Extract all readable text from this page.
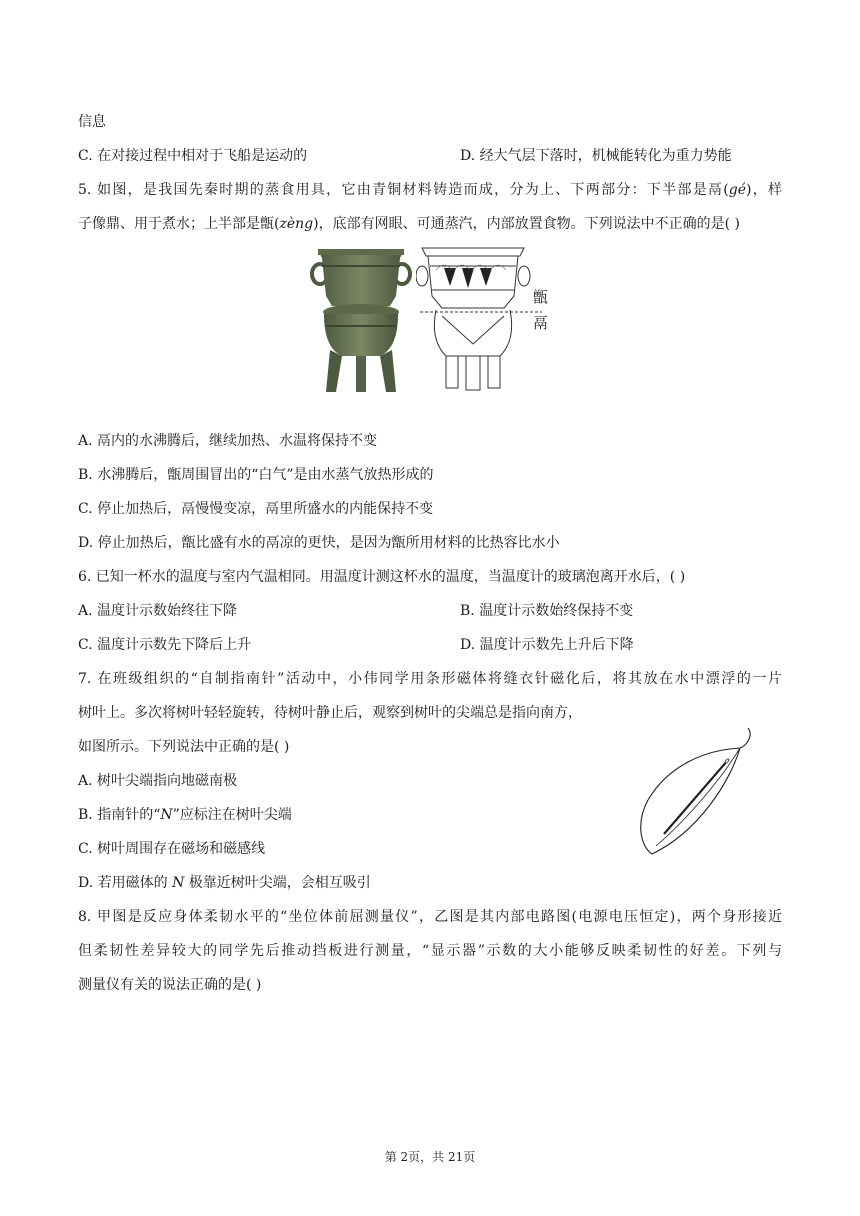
信息
C. 在对接过程中相对于飞船是运动的	D. 经大气层下落时，机械能转化为重力势能
5. 如图，是我国先秦时期的蒸食用具，它由青铜材料铸造而成，分为上、下两部分：下半部是鬲(gé)，样
子像鼎、用于煮水；上半部是甑(zèng)，底部有网眼、可通蒸汽，内部放置食物。下列说法中不正确的是( )
甑
鬲
A. 鬲内的水沸腾后，继续加热、水温将保持不变
B. 水沸腾后，甑周围冒出的“白气”是由水蒸气放热形成的
C. 停止加热后，鬲慢慢变凉，鬲里所盛水的内能保持不变
D. 停止加热后，甑比盛有水的鬲凉的更快，是因为甑所用材料的比热容比水小
6. 已知一杯水的温度与室内气温相同。用温度计测这杯水的温度，当温度计的玻璃泡离开水后，( )
A. 温度计示数始终往下降	B. 温度计示数始终保持不变
C. 温度计示数先下降后上升	D. 温度计示数先上升后下降
7. 在班级组织的“自制指南针”活动中，小伟同学用条形磁体将缝衣针磁化后，将其放在水中漂浮的一片
树叶上。多次将树叶轻轻旋转，待树叶静止后，观察到树叶的尖端总是指向南方，
如图所示。下列说法中正确的是( )
A. 树叶尖端指向地磁南极
B. 指南针的“N”应标注在树叶尖端
C. 树叶周围存在磁场和磁感线
D. 若用磁体的 N 极靠近树叶尖端，会相互吸引
8. 甲图是反应身体柔韧水平的“坐位体前屈测量仪”，乙图是其内部电路图(电源电压恒定)，两个身形接近
但柔韧性差异较大的同学先后推动挡板进行测量，“显示器”示数的大小能够反映柔韧性的好差。下列与
测量仪有关的说法正确的是( )
第 2页，共 21页
